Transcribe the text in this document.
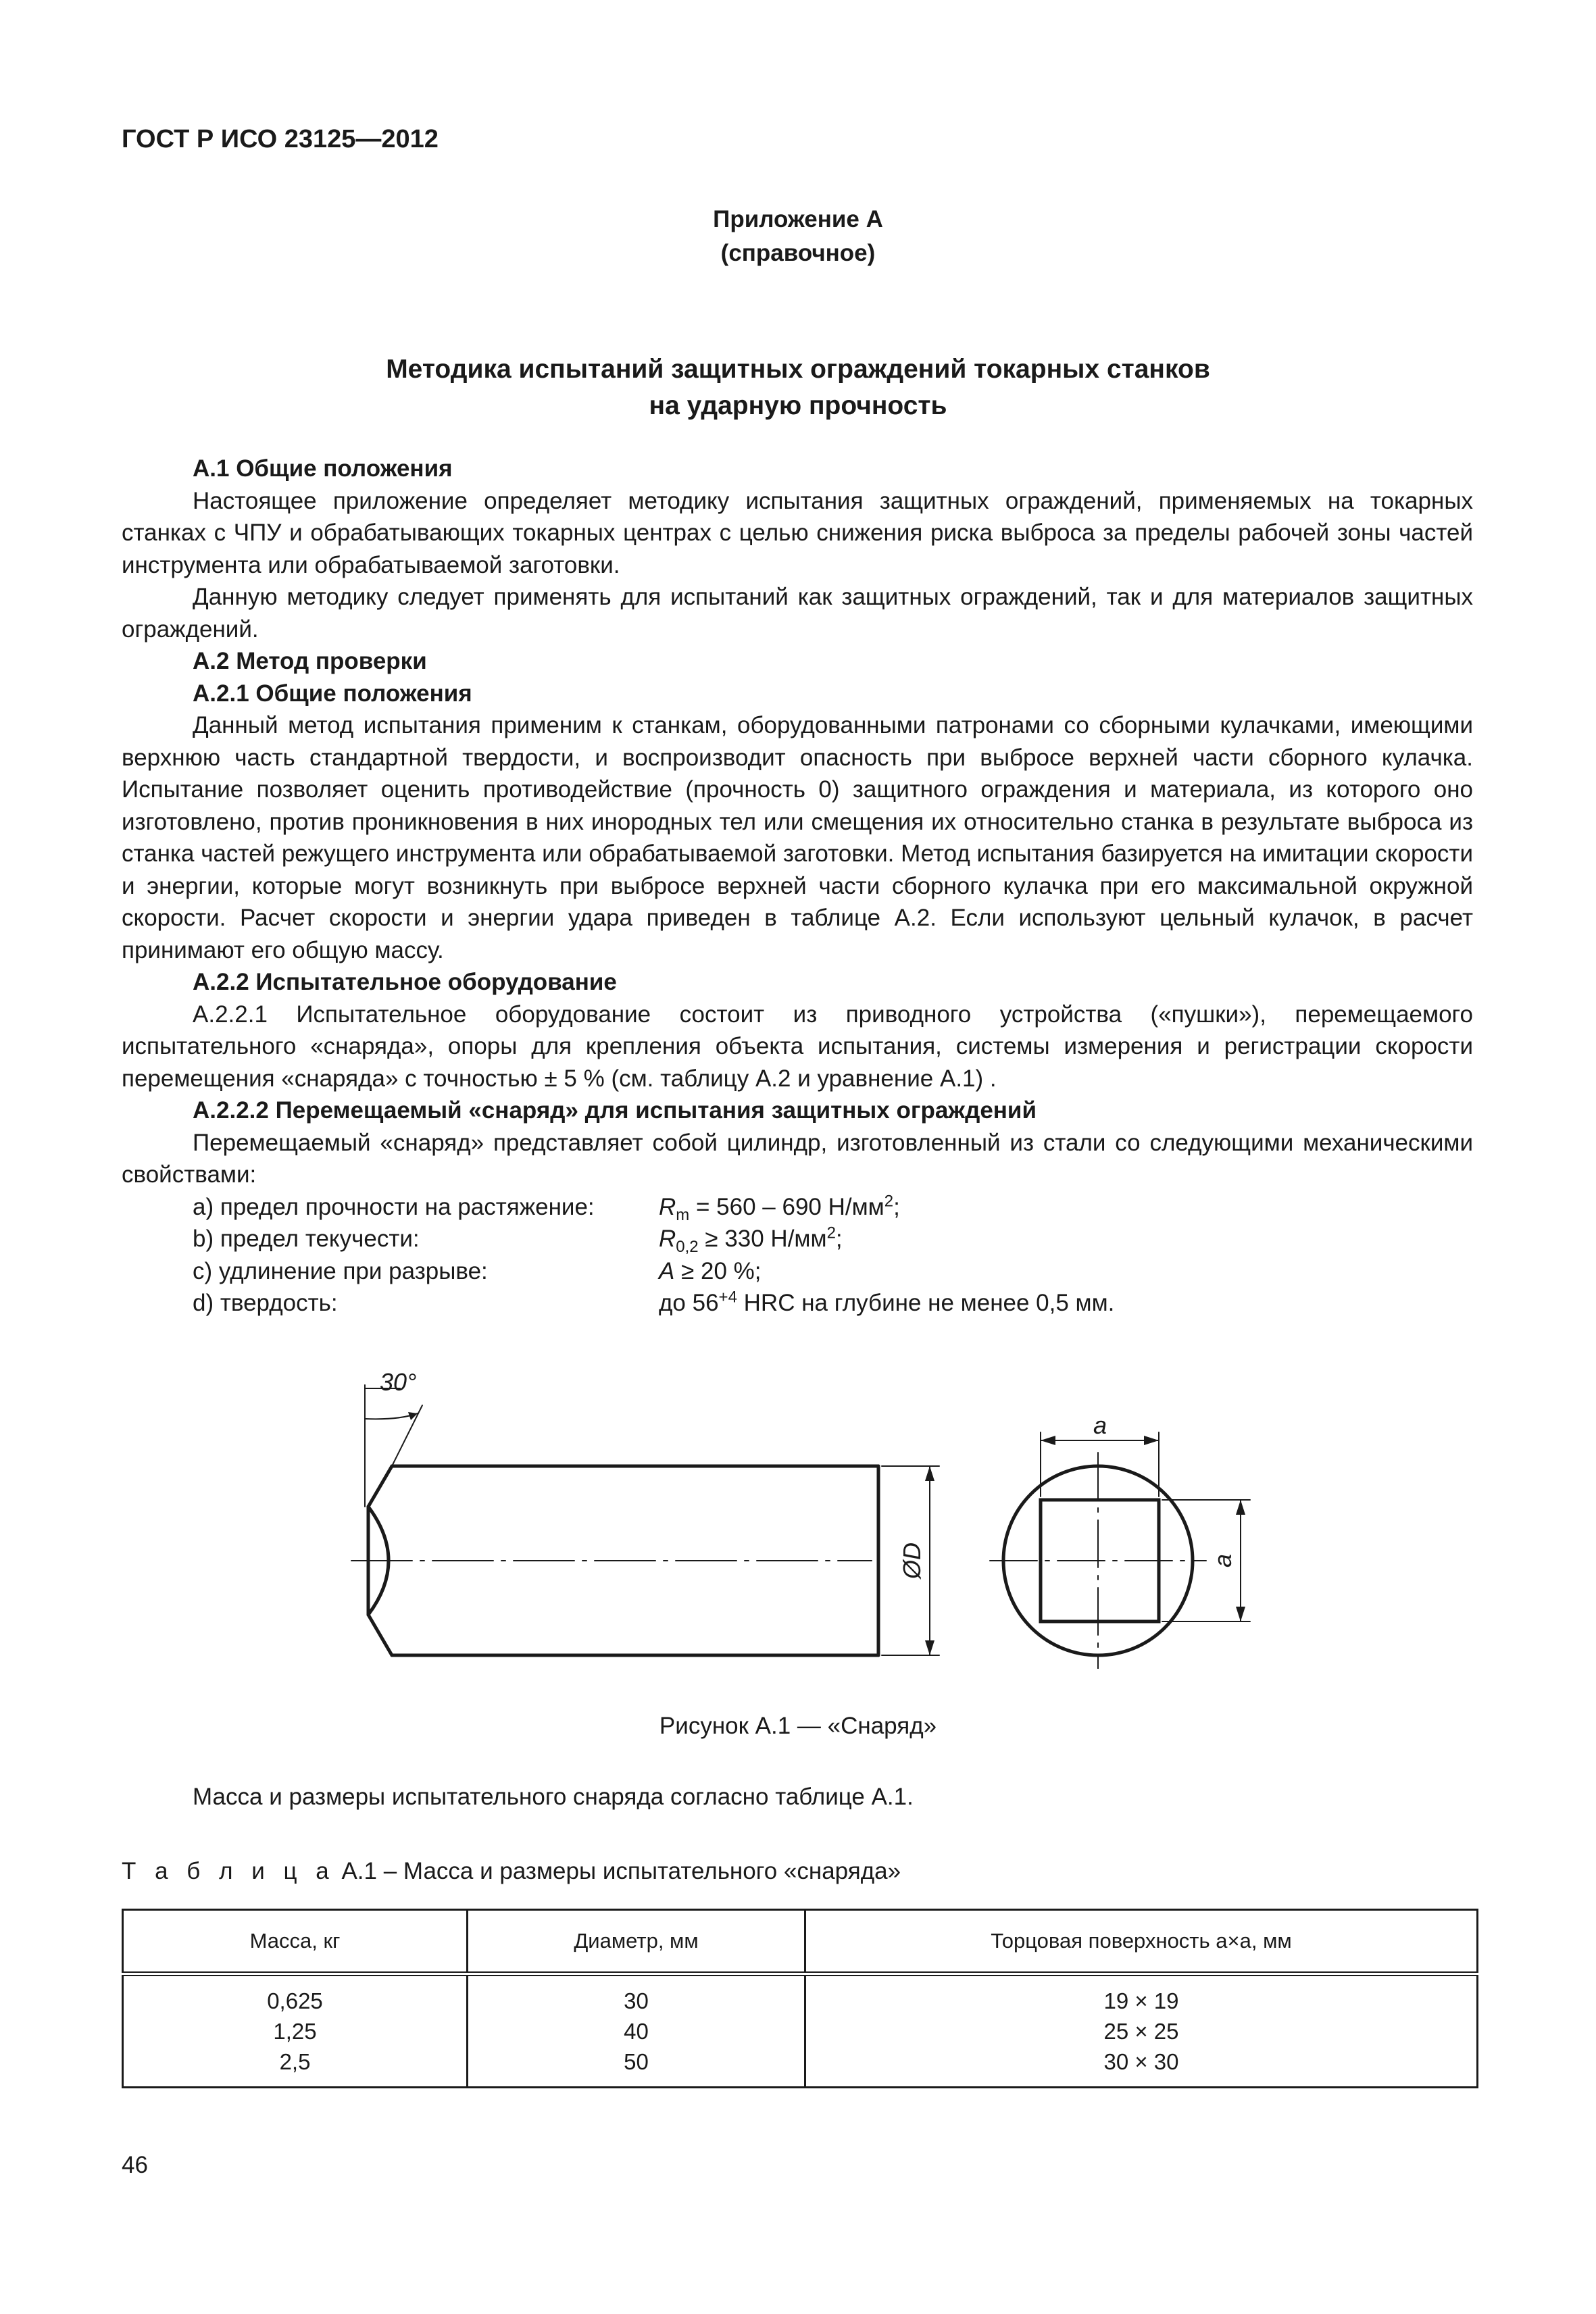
ГОСТ Р ИСО 23125—2012
Приложение А
(справочное)
Методика испытаний защитных ограждений токарных станков
на ударную прочность

А.1 Общие положения

Настоящее приложение определяет методику испытания защитных ограждений, применяемых на токарных станках с ЧПУ и обрабатывающих токарных центрах с целью снижения риска выброса за пределы рабочей зоны частей инструмента или обрабатываемой заготовки.

Данную методику следует применять для испытаний как защитных ограждений, так и для материалов защитных ограждений.

А.2 Метод проверки

А.2.1 Общие положения

Данный метод испытания применим к станкам, оборудованными патронами со сборными кулачками, имеющими верхнюю часть стандартной твердости, и воспроизводит опасность при выбросе верхней части сборного кулачка. Испытание позволяет оценить противодействие (прочность 0) защитного ограждения и материала, из которого оно изготовлено, против проникновения в них инородных тел или смещения их относительно станка в результате выброса из станка частей режущего инструмента или обрабатываемой заготовки. Метод испытания базируется на имитации скорости и энергии, которые могут возникнуть при выбросе верхней части сборного кулачка при его максимальной окружной скорости. Расчет скорости и энергии удара приведен в таблице А.2. Если используют цельный кулачок, в расчет принимают его общую массу.

А.2.2 Испытательное оборудование

А.2.2.1 Испытательное оборудование состоит из приводного устройства («пушки»), перемещаемого испытательного «снаряда», опоры для крепления объекта испытания, системы измерения и регистрации скорости перемещения «снаряда» с точностью ± 5 % (см. таблицу А.2 и уравнение А.1) .

А.2.2.2 Перемещаемый «снаряд» для испытания защитных ограждений

Перемещаемый «снаряд» представляет собой цилиндр, изготовленный из стали со следующими механическими свойствами:

a) предел прочности на растяжение:	$R_m = 560 - 690$ $Н/мм^2$;
b) предел текучести:	$R_{0,2} \ge 330$ $Н/мм^2$;
c) удлинение при разрыве:	A ≥ 20 %;
d) твердость:	до $56^{+4}$ HRC на глубине не менее 0,5 мм.
30°
ØD
a
a
Рисунок А.1 — «Снаряд»
Масса и размеры испытательного снаряда согласно таблице А.1.
Т а б л и ц а А.1 – Масса и размеры испытательного «снаряда»
Масса, кг	Диаметр, мм	Торцовая поверхность a×a, мм
0,625	30	19 × 19
1,25	40	25 × 25
2,5	50	30 × 30
46
